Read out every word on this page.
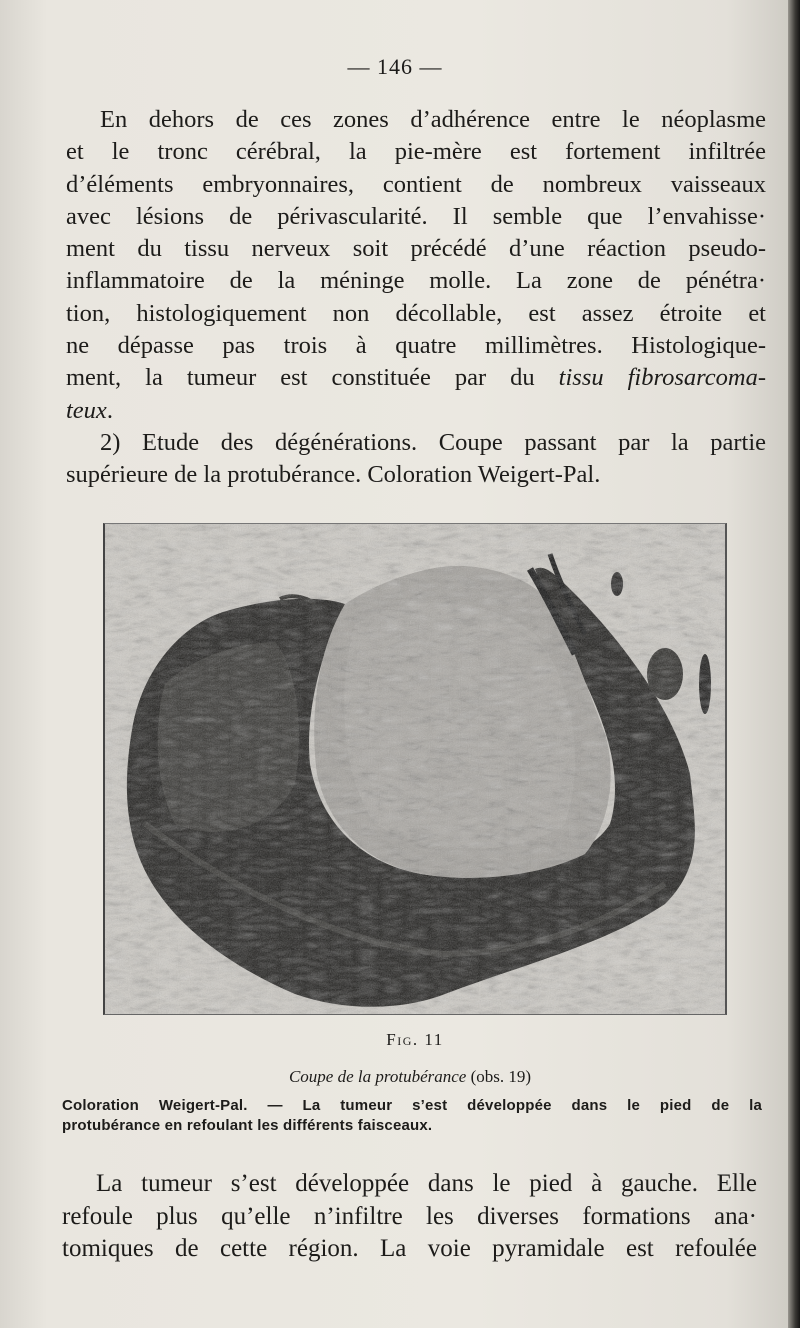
— 146 —

En dehors de ces zones d’adhérence entre le néoplasme
et le tronc cérébral, la pie-mère est fortement infiltrée
d’éléments embryonnaires, contient de nombreux vaisseaux
avec lésions de périvascularité. Il semble que l’envahisse·
ment du tissu nerveux soit précédé d’une réaction pseudo-
inflammatoire de la méninge molle. La zone de pénétra·
tion, histologiquement non décollable, est assez étroite et
ne dépasse pas trois à quatre millimètres. Histologique-
ment, la tumeur est constituée par du tissu fibrosarcoma-
teux.

2) Etude des dégénérations. Coupe passant par la partie
supérieure de la protubérance. Coloration Weigert-Pal.

Fig. 11
Coupe de la protubérance (obs. 19)
Coloration Weigert-Pal. — La tumeur s’est développée dans le pied de la
protubérance en refoulant les différents faisceaux.

La tumeur s’est développée dans le pied à gauche. Elle
refoule plus qu’elle n’infiltre les diverses formations ana·
tomiques de cette région. La voie pyramidale est refoulée
